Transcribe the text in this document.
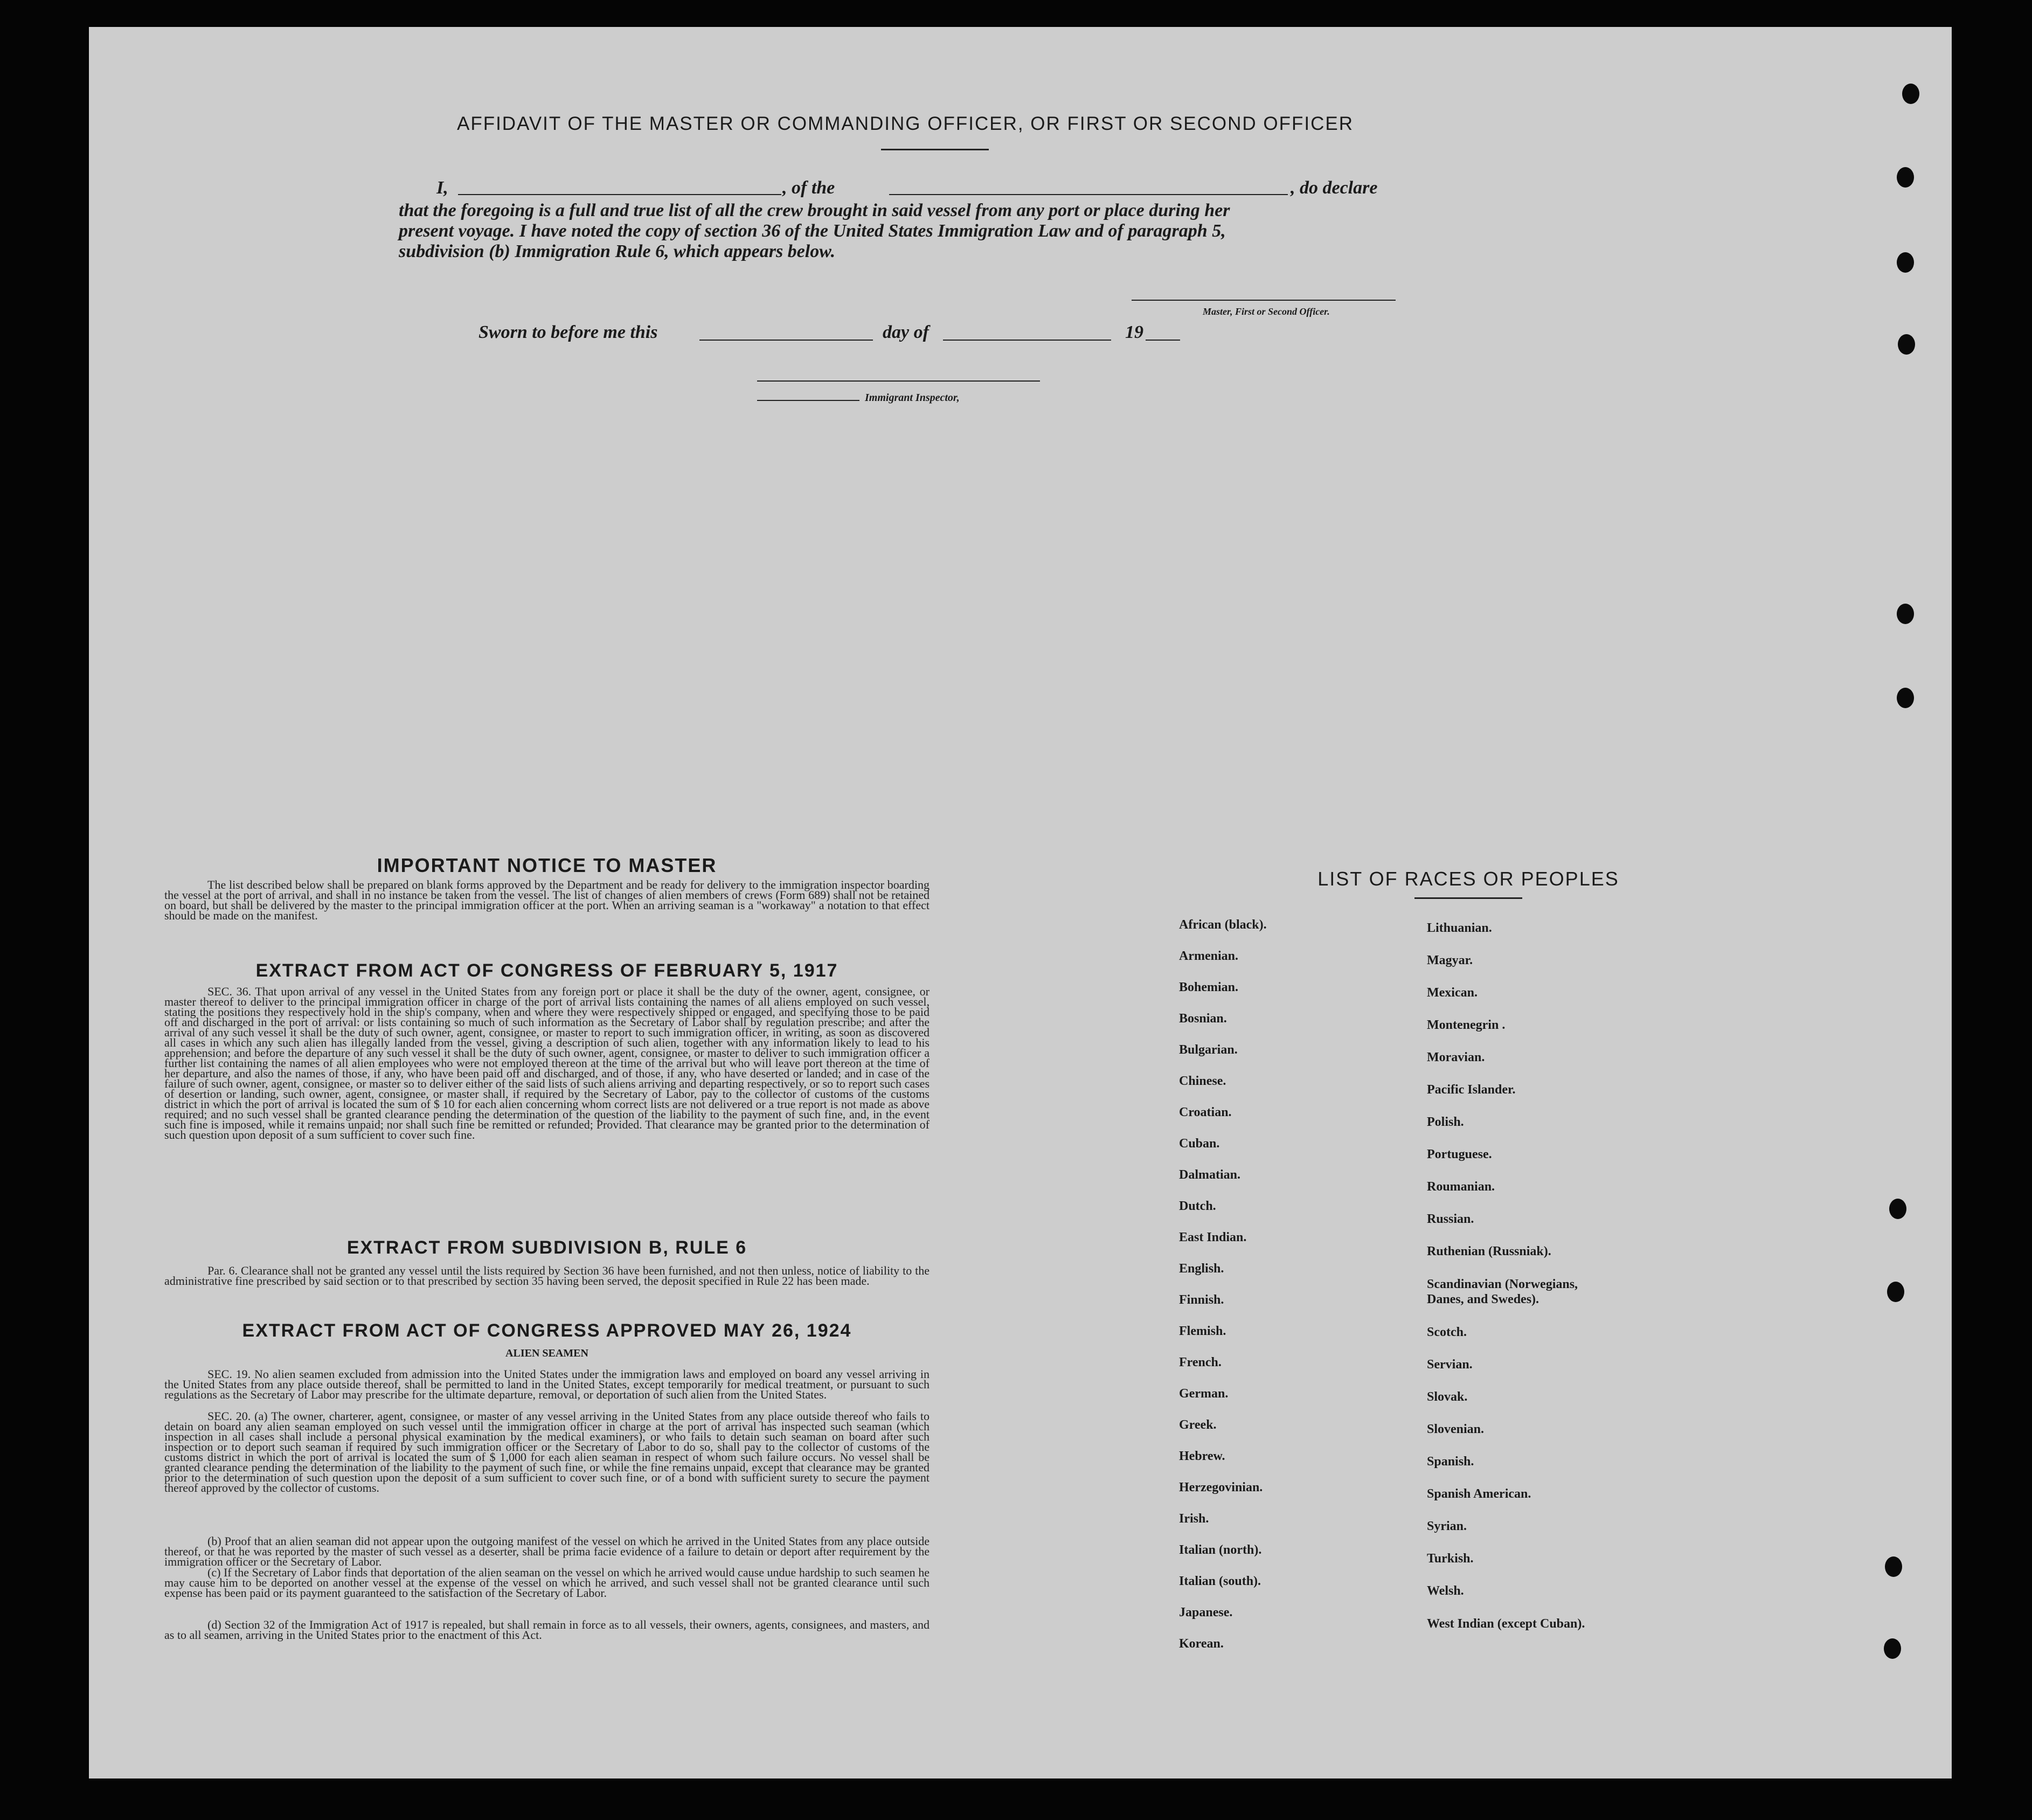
AFFIDAVIT OF THE MASTER OR COMMANDING OFFICER, OR FIRST OR SECOND OFFICER
I,	, of the	, do declare
that the foregoing is a full and true list of all the crew brought in said vessel from any port or place during her
present voyage. I have noted the copy of section 36 of the United States Immigration Law and of paragraph 5,
subdivision (b) Immigration Rule 6, which appears below.
Master, First or Second Officer.
Sworn to before me this	day of	19
Immigrant Inspector,
IMPORTANT NOTICE TO MASTER
The list described below shall be prepared on blank forms approved by the Department and be ready for delivery to the immigration inspector boarding the vessel at the port of arrival, and shall in no instance be taken from the vessel. The list of changes of alien members of crews (Form 689) shall not be retained on board, but shall be delivered by the master to the principal immigration officer at the port. When an arriving seaman is a "workaway" a notation to that effect should be made on the manifest.
EXTRACT FROM ACT OF CONGRESS OF FEBRUARY 5, 1917
SEC. 36. That upon arrival of any vessel in the United States from any foreign port or place it shall be the duty of the owner, agent, consignee, or master thereof to deliver to the principal immigration officer in charge of the port of arrival lists containing the names of all aliens employed on such vessel, stating the positions they respectively hold in the ship's company, when and where they were respectively shipped or engaged, and specifying those to be paid off and discharged in the port of arrival: or lists containing so much of such information as the Secretary of Labor shall by regulation prescribe; and after the arrival of any such vessel it shall be the duty of such owner, agent, consignee, or master to report to such immigration officer, in writing, as soon as discovered all cases in which any such alien has illegally landed from the vessel, giving a description of such alien, together with any information likely to lead to his apprehension; and before the departure of any such vessel it shall be the duty of such owner, agent, consignee, or master to deliver to such immigration officer a further list containing the names of all alien employees who were not employed thereon at the time of the arrival but who will leave port thereon at the time of her departure, and also the names of those, if any, who have been paid off and discharged, and of those, if any, who have deserted or landed; and in case of the failure of such owner, agent, consignee, or master so to deliver either of the said lists of such aliens arriving and departing respectively, or so to report such cases of desertion or landing, such owner, agent, consignee, or master shall, if required by the Secretary of Labor, pay to the collector of customs of the customs district in which the port of arrival is located the sum of $ 10 for each alien concerning whom correct lists are not delivered or a true report is not made as above required; and no such vessel shall be granted clearance pending the determination of the question of the liability to the payment of such fine, and, in the event such fine is imposed, while it remains unpaid; nor shall such fine be remitted or refunded; Provided. That clearance may be granted prior to the determination of such question upon deposit of a sum sufficient to cover such fine.
EXTRACT FROM SUBDIVISION B, RULE 6
Par. 6. Clearance shall not be granted any vessel until the lists required by Section 36 have been furnished, and not then unless, notice of liability to the administrative fine prescribed by said section or to that prescribed by section 35 having been served, the deposit specified in Rule 22 has been made.
EXTRACT FROM ACT OF CONGRESS APPROVED MAY 26, 1924
ALIEN SEAMEN
SEC. 19. No alien seamen excluded from admission into the United States under the immigration laws and employed on board any vessel arriving in the United States from any place outside thereof, shall be permitted to land in the United States, except temporarily for medical treatment, or pursuant to such regulations as the Secretary of Labor may prescribe for the ultimate departure, removal, or deportation of such alien from the United States.
SEC. 20. (a) The owner, charterer, agent, consignee, or master of any vessel arriving in the United States from any place outside thereof who fails to detain on board any alien seaman employed on such vessel until the immigration officer in charge at the port of arrival has inspected such seaman (which inspection in all cases shall include a personal physical examination by the medical examiners), or who fails to detain such seaman on board after such inspection or to deport such seaman if required by such immigration officer or the Secretary of Labor to do so, shall pay to the collector of customs of the customs district in which the port of arrival is located the sum of $ 1,000 for each alien seaman in respect of whom such failure occurs. No vessel shall be granted clearance pending the determination of the liability to the payment of such fine, or while the fine remains unpaid, except that clearance may be granted prior to the determination of such question upon the deposit of a sum sufficient to cover such fine, or of a bond with sufficient surety to secure the payment thereof approved by the collector of customs.
(b) Proof that an alien seaman did not appear upon the outgoing manifest of the vessel on which he arrived in the United States from any place outside thereof, or that he was reported by the master of such vessel as a deserter, shall be prima facie evidence of a failure to detain or deport after requirement by the immigration officer or the Secretary of Labor.
(c) If the Secretary of Labor finds that deportation of the alien seaman on the vessel on which he arrived would cause undue hardship to such seamen he may cause him to be deported on another vessel at the expense of the vessel on which he arrived, and such vessel shall not be granted clearance until such expense has been paid or its payment guaranteed to the satisfaction of the Secretary of Labor.
(d) Section 32 of the Immigration Act of 1917 is repealed, but shall remain in force as to all vessels, their owners, agents, consignees, and masters, and as to all seamen, arriving in the United States prior to the enactment of this Act.
LIST OF RACES OR PEOPLES
African (black).
Armenian.
Bohemian.
Bosnian.
Bulgarian.
Chinese.
Croatian.
Cuban.
Dalmatian.
Dutch.
East Indian.
English.
Finnish.
Flemish.
French.
German.
Greek.
Hebrew.
Herzegovinian.
Irish.
Italian (north).
Italian (south).
Japanese.
Korean.
Lithuanian.
Magyar.
Mexican.
Montenegrin .
Moravian.
Pacific Islander.
Polish.
Portuguese.
Roumanian.
Russian.
Ruthenian (Russniak).
Scandinavian (Norwegians, Danes, and Swedes).
Scotch.
Servian.
Slovak.
Slovenian.
Spanish.
Spanish American.
Syrian.
Turkish.
Welsh.
West Indian (except Cuban).
